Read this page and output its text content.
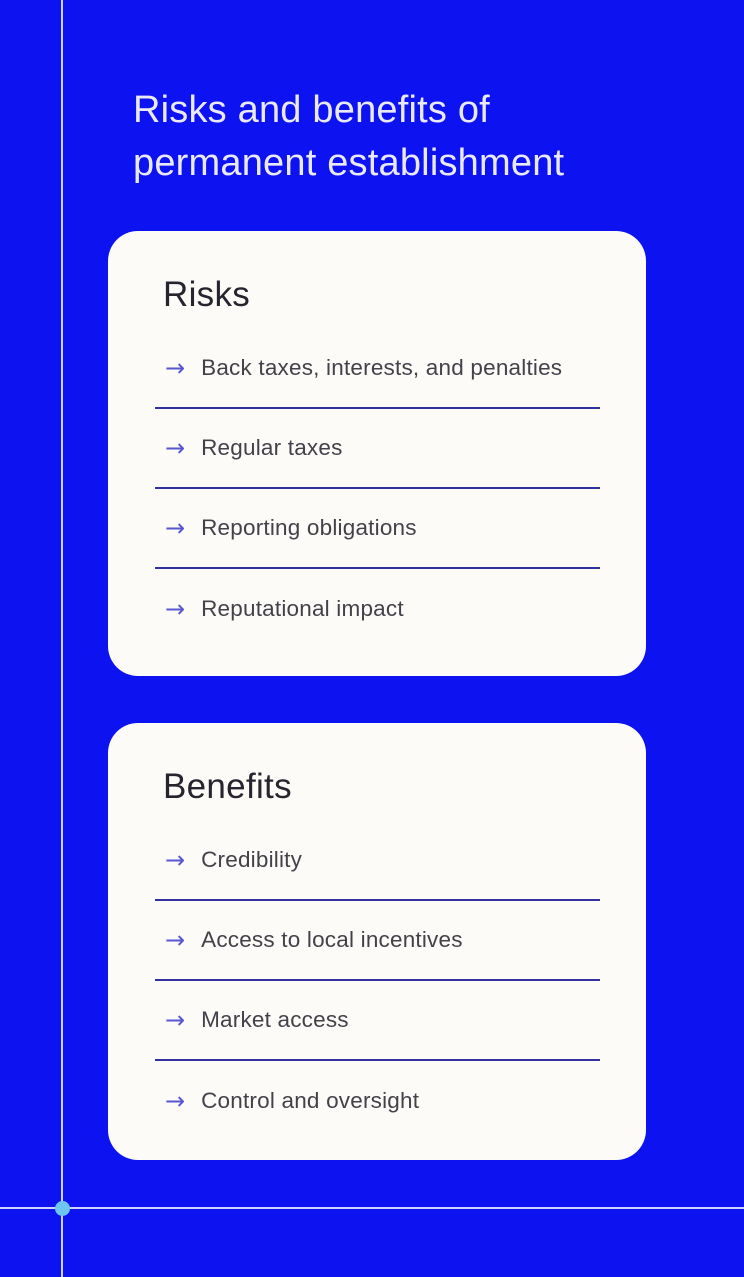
Risks and benefits of
permanent establishment
Risks
→ Back taxes, interests, and penalties
→ Regular taxes
→ Reporting obligations
→ Reputational impact
Benefits
→ Credibility
→ Access to local incentives
→ Market access
→ Control and oversight
